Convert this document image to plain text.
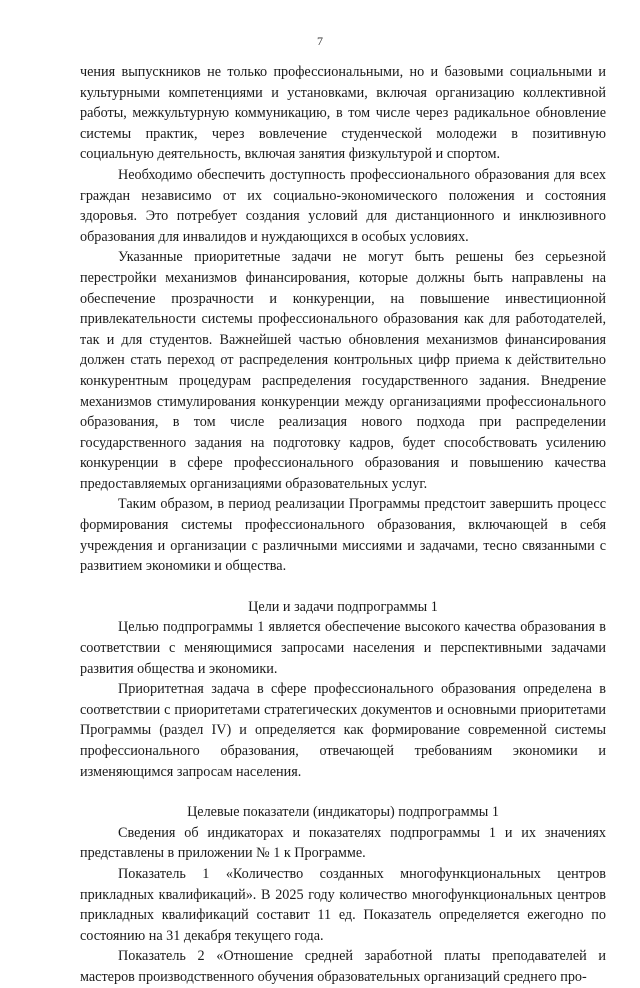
7

чения выпускников не только профессиональными, но и базовыми социальными и культурными компетенциями и установками, включая организацию коллективной работы, межкультурную коммуникацию, в том числе через радикальное обновление системы практик, через вовлечение студенческой молодежи в позитивную социальную деятельность, включая занятия физкультурой и спортом.

Необходимо обеспечить доступность профессионального образования для всех граждан независимо от их социально-экономического положения и состояния здоровья. Это потребует создания условий для дистанционного и инклюзивного образования для инвалидов и нуждающихся в особых условиях.

Указанные приоритетные задачи не могут быть решены без серьезной перестройки механизмов финансирования, которые должны быть направлены на обеспечение прозрачности и конкуренции, на повышение инвестиционной привлекательности системы профессионального образования как для работодателей, так и для студентов. Важнейшей частью обновления механизмов финансирования должен стать переход от распределения контрольных цифр приема к действительно конкурентным процедурам распределения государственного задания. Внедрение механизмов стимулирования конкуренции между организациями профессионального образования, в том числе реализация нового подхода при распределении государственного задания на подготовку кадров, будет способствовать усилению конкуренции в сфере профессионального образования и повышению качества предоставляемых организациями образовательных услуг.

Таким образом, в период реализации Программы предстоит завершить процесс формирования системы профессионального образования, включающей в себя учреждения и организации с различными миссиями и задачами, тесно связанными с развитием экономики и общества.

Цели и задачи подпрограммы 1

Целью подпрограммы 1 является обеспечение высокого качества образования в соответствии с меняющимися запросами населения и перспективными задачами развития общества и экономики.

Приоритетная задача в сфере профессионального образования определена в соответствии с приоритетами стратегических документов и основными приоритетами Программы (раздел IV) и определяется как формирование современной системы профессионального образования, отвечающей требованиям экономики и изменяющимся запросам населения.

Целевые показатели (индикаторы) подпрограммы 1

Сведения об индикаторах и показателях подпрограммы 1 и их значениях представлены в приложении № 1 к Программе.

Показатель 1 «Количество созданных многофункциональных центров прикладных квалификаций». В 2025 году количество многофункциональных центров прикладных квалификаций составит 11 ед. Показатель определяется ежегодно по состоянию на 31 декабря текущего года.

Показатель 2 «Отношение средней заработной платы преподавателей и мастеров производственного обучения образовательных организаций среднего про-
